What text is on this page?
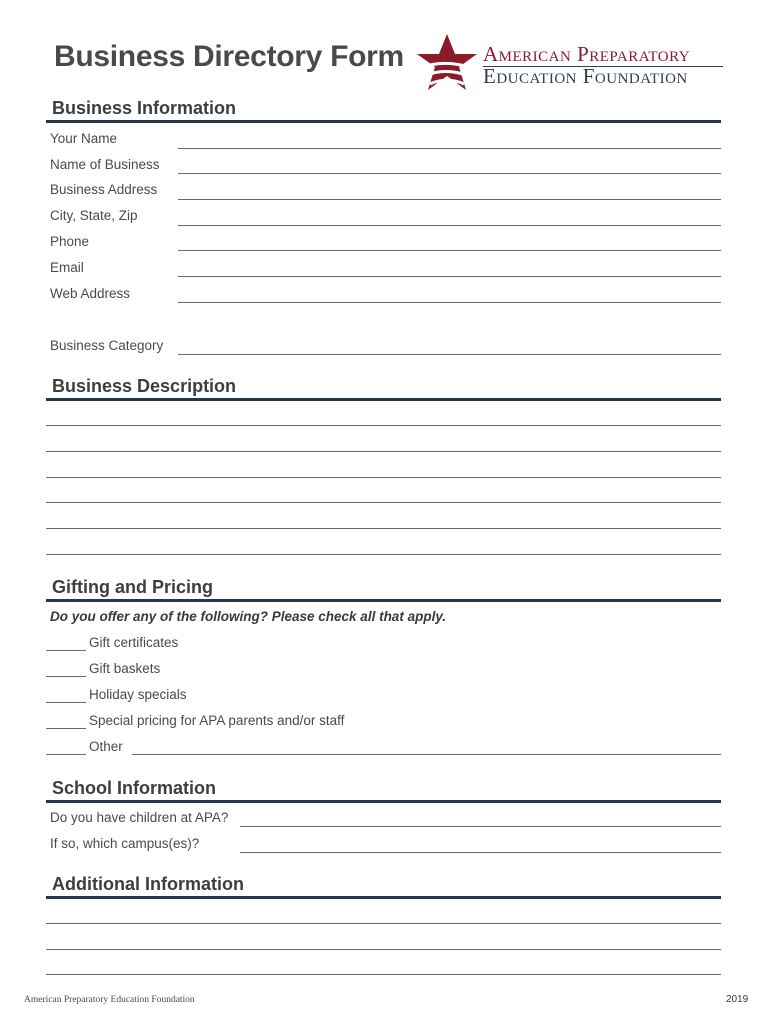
Business Directory Form	American Preparatory
Education Foundation
Business Information
Your Name
Name of Business
Business Address
City, State, Zip
Phone
Email
Web Address
Business Category
Business Description
Gifting and Pricing
Do you offer any of the following? Please check all that apply.
Gift certificates
Gift baskets
Holiday specials
Special pricing for APA parents and/or staff
Other
School Information
Do you have children at APA?
If so, which campus(es)?
Additional Information
American Preparatory Education Foundation	2019
